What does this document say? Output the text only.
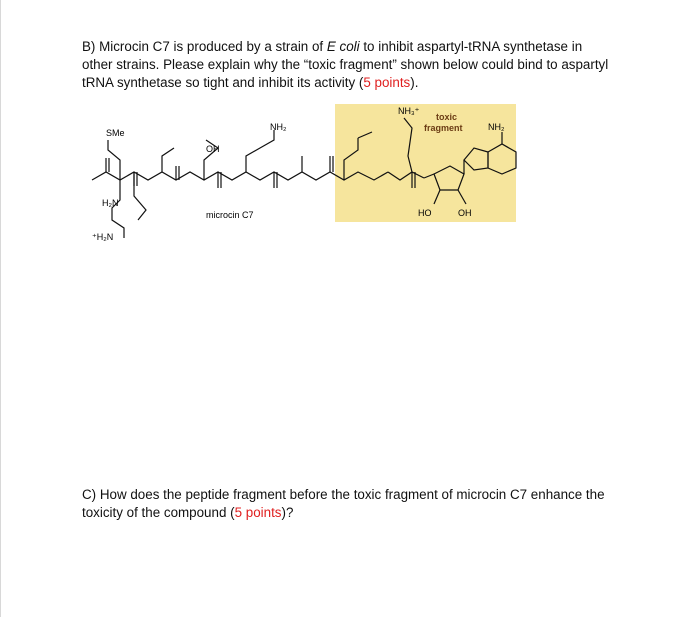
B) Microcin C7 is produced by a strain of E coli to inhibit aspartyl-tRNA synthetase in other strains. Please explain why the “toxic fragment” shown below could bind to aspartyl tRNA synthetase so tight and inhibit its activity (5 points).
SMe
OH
NH₂
NH₃⁺
toxic
fragment	NH₂
H₂N
⁺H₂N
microcin C7	HO	OH
C) How does the peptide fragment before the toxic fragment of microcin C7 enhance the toxicity of the compound (5 points)?
